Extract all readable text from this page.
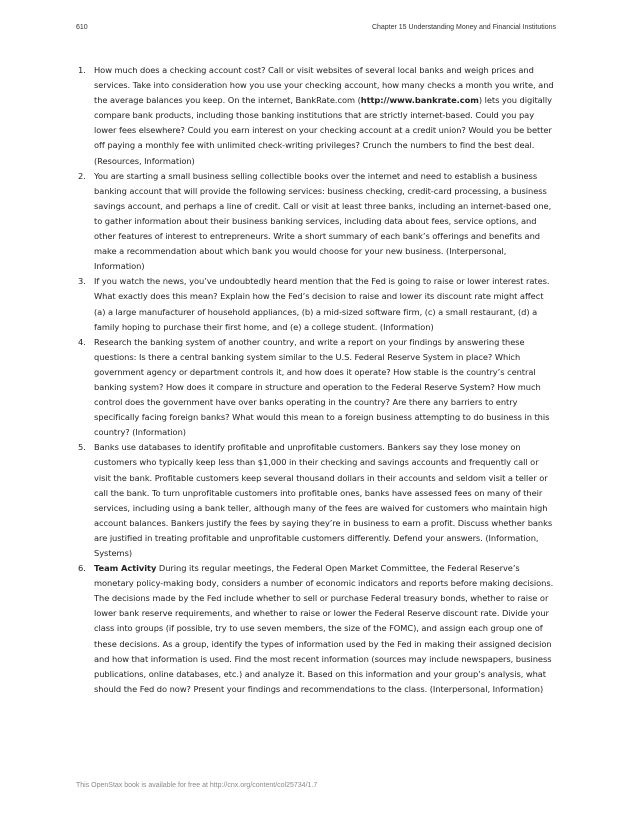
610	Chapter 15 Understanding Money and Financial Institutions
1. How much does a checking account cost? Call or visit websites of several local banks and weigh prices and services. Take into consideration how you use your checking account, how many checks a month you write, and the average balances you keep. On the internet, BankRate.com (http://www.bankrate.com) lets you digitally compare bank products, including those banking institutions that are strictly internet-based. Could you pay lower fees elsewhere? Could you earn interest on your checking account at a credit union? Would you be better off paying a monthly fee with unlimited check-writing privileges? Crunch the numbers to find the best deal. (Resources, Information)
2. You are starting a small business selling collectible books over the internet and need to establish a business banking account that will provide the following services: business checking, credit-card processing, a business savings account, and perhaps a line of credit. Call or visit at least three banks, including an internet-based one, to gather information about their business banking services, including data about fees, service options, and other features of interest to entrepreneurs. Write a short summary of each bank’s offerings and benefits and make a recommendation about which bank you would choose for your new business. (Interpersonal, Information)
3. If you watch the news, you’ve undoubtedly heard mention that the Fed is going to raise or lower interest rates. What exactly does this mean? Explain how the Fed’s decision to raise and lower its discount rate might affect (a) a large manufacturer of household appliances, (b) a mid-sized software firm, (c) a small restaurant, (d) a family hoping to purchase their first home, and (e) a college student. (Information)
4. Research the banking system of another country, and write a report on your findings by answering these questions: Is there a central banking system similar to the U.S. Federal Reserve System in place? Which government agency or department controls it, and how does it operate? How stable is the country’s central banking system? How does it compare in structure and operation to the Federal Reserve System? How much control does the government have over banks operating in the country? Are there any barriers to entry specifically facing foreign banks? What would this mean to a foreign business attempting to do business in this country? (Information)
5. Banks use databases to identify profitable and unprofitable customers. Bankers say they lose money on customers who typically keep less than $1,000 in their checking and savings accounts and frequently call or visit the bank. Profitable customers keep several thousand dollars in their accounts and seldom visit a teller or call the bank. To turn unprofitable customers into profitable ones, banks have assessed fees on many of their services, including using a bank teller, although many of the fees are waived for customers who maintain high account balances. Bankers justify the fees by saying they’re in business to earn a profit. Discuss whether banks are justified in treating profitable and unprofitable customers differently. Defend your answers. (Information, Systems)
6. Team Activity During its regular meetings, the Federal Open Market Committee, the Federal Reserve’s monetary policy-making body, considers a number of economic indicators and reports before making decisions. The decisions made by the Fed include whether to sell or purchase Federal treasury bonds, whether to raise or lower bank reserve requirements, and whether to raise or lower the Federal Reserve discount rate. Divide your class into groups (if possible, try to use seven members, the size of the FOMC), and assign each group one of these decisions. As a group, identify the types of information used by the Fed in making their assigned decision and how that information is used. Find the most recent information (sources may include newspapers, business publications, online databases, etc.) and analyze it. Based on this information and your group’s analysis, what should the Fed do now? Present your findings and recommendations to the class. (Interpersonal, Information)
This OpenStax book is available for free at http://cnx.org/content/col25734/1.7
